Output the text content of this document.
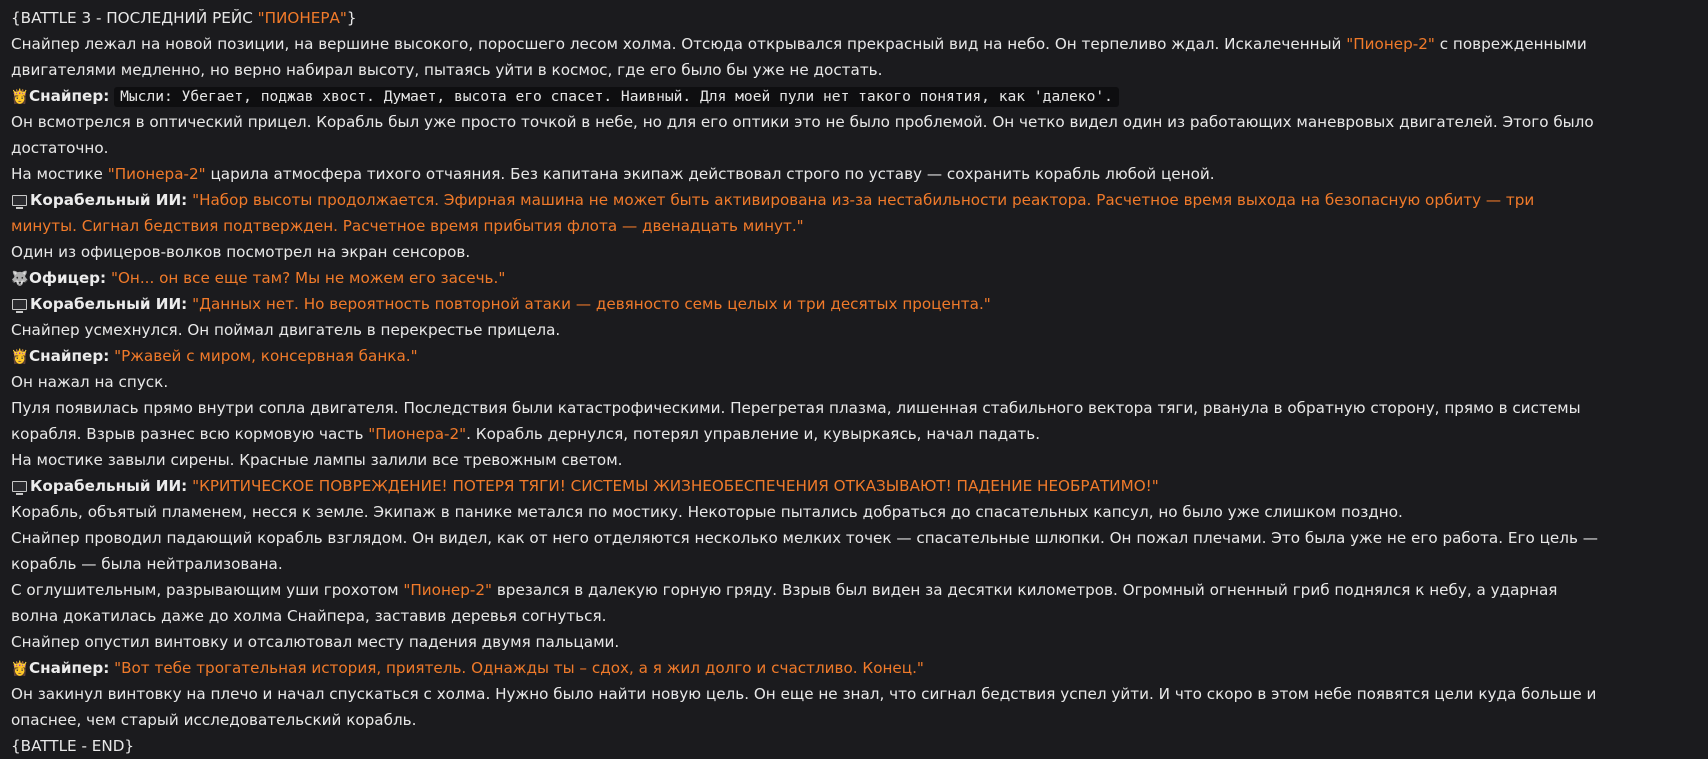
{BATTLE 3 - ПОСЛЕДНИЙ РЕЙС "ПИОНЕРА"}
Снайпер лежал на новой позиции, на вершине высокого, поросшего лесом холма. Отсюда открывался прекрасный вид на небо. Он терпеливо ждал. Искалеченный "Пионер-2" с поврежденными
двигателями медленно, но верно набирал высоту, пытаясь уйти в космос, где его было бы уже не достать.
👸Снайпер: Мысли: Убегает, поджав хвост. Думает, высота его спасет. Наивный. Для моей пули нет такого понятия, как 'далеко'.
Он всмотрелся в оптический прицел. Корабль был уже просто точкой в небе, но для его оптики это не было проблемой. Он четко видел один из работающих маневровых двигателей. Этого было
достаточно.
На мостике "Пионера-2" царила атмосфера тихого отчаяния. Без капитана экипаж действовал строго по уставу — сохранить корабль любой ценой.
Корабельный ИИ: "Набор высоты продолжается. Эфирная машина не может быть активирована из-за нестабильности реактора. Расчетное время выхода на безопасную орбиту — три
минуты. Сигнал бедствия подтвержден. Расчетное время прибытия флота — двенадцать минут."
Один из офицеров-волков посмотрел на экран сенсоров.
🐺Офицер: "Он... он все еще там? Мы не можем его засечь."
Корабельный ИИ: "Данных нет. Но вероятность повторной атаки — девяносто семь целых и три десятых процента."
Снайпер усмехнулся. Он поймал двигатель в перекрестье прицела.
👸Снайпер: "Ржавей с миром, консервная банка."
Он нажал на спуск.
Пуля появилась прямо внутри сопла двигателя. Последствия были катастрофическими. Перегретая плазма, лишенная стабильного вектора тяги, рванула в обратную сторону, прямо в системы
корабля. Взрыв разнес всю кормовую часть "Пионера-2". Корабль дернулся, потерял управление и, кувыркаясь, начал падать.
На мостике завыли сирены. Красные лампы залили все тревожным светом.
Корабельный ИИ: "КРИТИЧЕСКОЕ ПОВРЕЖДЕНИЕ! ПОТЕРЯ ТЯГИ! СИСТЕМЫ ЖИЗНЕОБЕСПЕЧЕНИЯ ОТКАЗЫВАЮТ! ПАДЕНИЕ НЕОБРАТИМО!"
Корабль, объятый пламенем, несся к земле. Экипаж в панике метался по мостику. Некоторые пытались добраться до спасательных капсул, но было уже слишком поздно.
Снайпер проводил падающий корабль взглядом. Он видел, как от него отделяются несколько мелких точек — спасательные шлюпки. Он пожал плечами. Это была уже не его работа. Его цель —
корабль — была нейтрализована.
С оглушительным, разрывающим уши грохотом "Пионер-2" врезался в далекую горную гряду. Взрыв был виден за десятки километров. Огромный огненный гриб поднялся к небу, а ударная
волна докатилась даже до холма Снайпера, заставив деревья согнуться.
Снайпер опустил винтовку и отсалютовал месту падения двумя пальцами.
👸Снайпер: "Вот тебе трогательная история, приятель. Однажды ты – сдох, а я жил долго и счастливо. Конец."
Он закинул винтовку на плечо и начал спускаться с холма. Нужно было найти новую цель. Он еще не знал, что сигнал бедствия успел уйти. И что скоро в этом небе появятся цели куда больше и
опаснее, чем старый исследовательский корабль.
{BATTLE - END}
